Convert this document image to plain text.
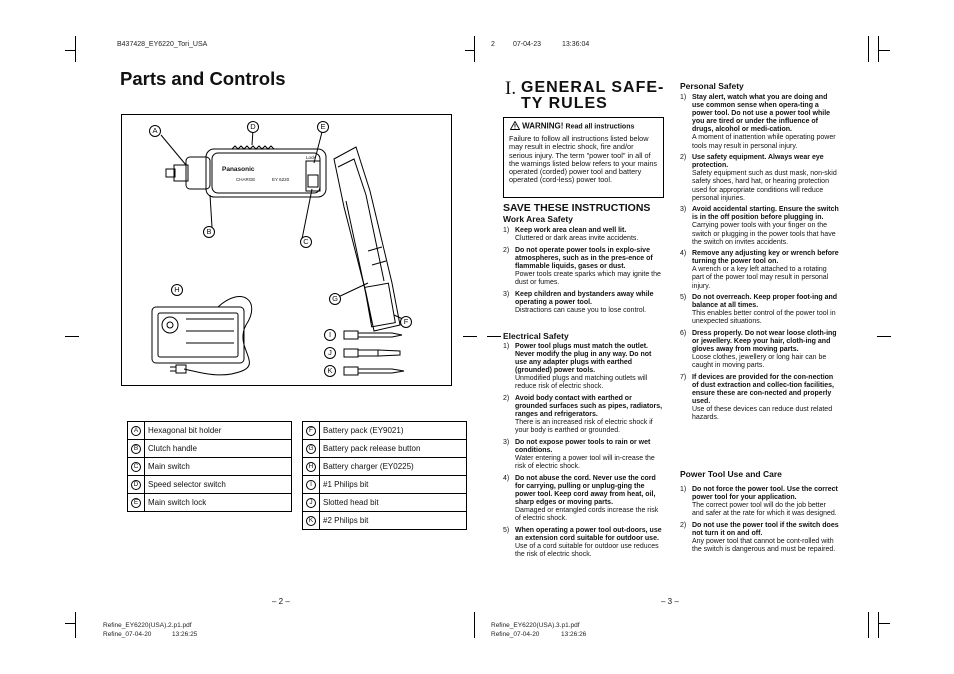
B437428_EY6220_Tori_USA	2	07-04-23	13:36:04
Parts and Controls
Panasonic
CHARGE	EY 6220
Lock
A	D	E
B
C
H
G
F
I
J
K
A	Hexagonal bit holder		F	Battery pack (EY9021)
B	Clutch handle		G	Battery pack release button
C	Main switch		H	Battery charger (EY0225)
D	Speed selector switch		I	#1 Philips bit
E	Main switch lock		J	Slotted head bit
			K	#2 Philips bit
– 2 –
Refine_EY6220(USA).2.p1.pdf
Refine_07-04-20	13:26:25
I. GENERAL SAFE-
TY RULES
WARNING! Read all instructions
Failure to follow all instructions listed below may result in electric shock, fire and/or serious injury. The term "power tool" in all of the warnings listed below refers to your mains operated (corded) power tool and battery operated (cord-less) power tool.
SAVE THESE INSTRUCTIONS
Work Area Safety
1) Keep work area clean and well lit.
Cluttered or dark areas invite accidents.
2) Do not operate power tools in explo-sive atmospheres, such as in the pres-ence of flammable liquids, gases or dust.
Power tools create sparks which may ignite the dust or fumes.
3) Keep children and bystanders away while operating a power tool.
Distractions can cause you to lose control.
Electrical Safety
1) Power tool plugs must match the outlet. Never modify the plug in any way. Do not use any adapter plugs with earthed (grounded) power tools.
Unmodified plugs and matching outlets will reduce risk of electric shock.
2) Avoid body contact with earthed or grounded surfaces such as pipes, radiators, ranges and refrigerators.
There is an increased risk of electric shock if your body is earthed or grounded.
3) Do not expose power tools to rain or wet conditions.
Water entering a power tool will in-crease the risk of electric shock.
4) Do not abuse the cord. Never use the cord for carrying, pulling or unplug-ging the power tool. Keep cord away from heat, oil, sharp edges or moving parts.
Damaged or entangled cords increase the risk of electric shock.
5) When operating a power tool out-doors, use an extension cord suitable for outdoor use.
Use of a cord suitable for outdoor use reduces the risk of electric shock.
Personal Safety
1) Stay alert, watch what you are doing and use common sense when opera-ting a power tool. Do not use a power tool while you are tired or under the influence of drugs, alcohol or medi-cation.
A moment of inattention while operating power tools may result in personal injury.
2) Use safety equipment. Always wear eye protection.
Safety equipment such as dust mask, non-skid safety shoes, hard hat, or hearing protection used for appropriate conditions will reduce personal injuries.
3) Avoid accidental starting. Ensure the switch is in the off position before plugging in.
Carrying power tools with your finger on the switch or plugging in the power tools that have the switch on invites accidents.
4) Remove any adjusting key or wrench before turning the power tool on.
A wrench or a key left attached to a rotating part of the power tool may result in personal injury.
5) Do not overreach. Keep proper foot-ing and balance at all times.
This enables better control of the power tool in unexpected situations.
6) Dress properly. Do not wear loose cloth-ing or jewellery. Keep your hair, cloth-ing and gloves away from moving parts.
Loose clothes, jewellery or long hair can be caught in moving parts.
7) If devices are provided for the con-nection of dust extraction and collec-tion facilities, ensure these are con-nected and properly used.
Use of these devices can reduce dust related hazards.
Power Tool Use and Care
1) Do not force the power tool. Use the correct power tool for your application.
The correct power tool will do the job better and safer at the rate for which it was designed.
2) Do not use the power tool if the switch does not turn it on and off.
Any power tool that cannot be cont-rolled with the switch is dangerous and must be repaired.
– 3 –
Refine_EY6220(USA).3.p1.pdf
Refine_07-04-20	13:26:26
